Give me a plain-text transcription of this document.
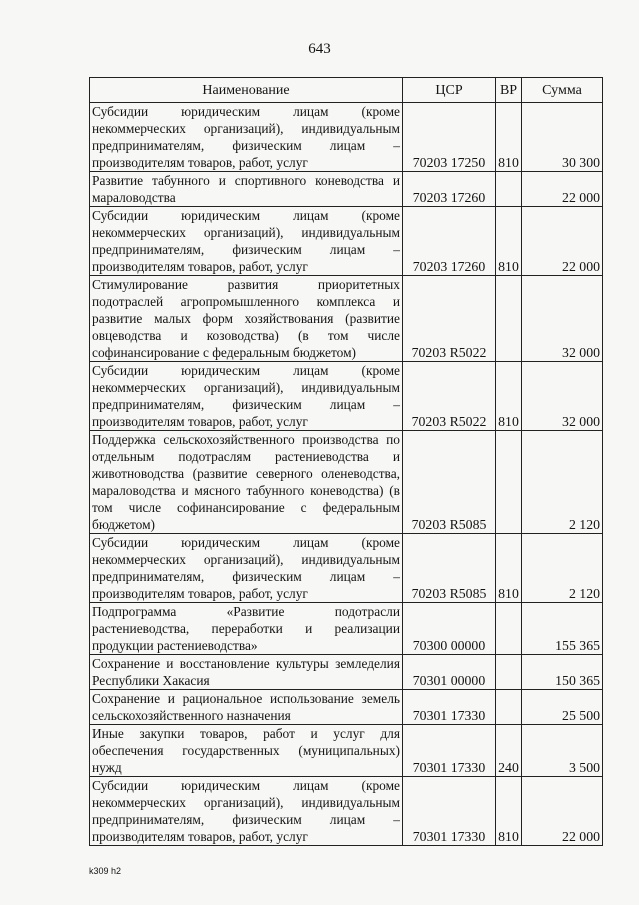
643
Наименование	ЦСР	ВР	Сумма
Субсидии юридическим лицам (кроме некоммерческих организаций), индивидуальным предпринимателям, физическим лицам – производителям товаров, работ, услуг	70203 17250	810	30 300
Развитие табунного и спортивного коневодства и мараловодства	70203 17260		22 000
Субсидии юридическим лицам (кроме некоммерческих организаций), индивидуальным предпринимателям, физическим лицам – производителям товаров, работ, услуг	70203 17260	810	22 000
Стимулирование развития приоритетных подотраслей агропромышленного комплекса и развитие малых форм хозяйствования (развитие овцеводства и козоводства) (в том числе софинансирование с федеральным бюджетом)	70203 R5022		32 000
Субсидии юридическим лицам (кроме некоммерческих организаций), индивидуальным предпринимателям, физическим лицам – производителям товаров, работ, услуг	70203 R5022	810	32 000
Поддержка сельскохозяйственного производства по отдельным подотраслям растениеводства и животноводства (развитие северного оленеводства, мараловодства и мясного табунного коневодства) (в том числе софинансирование с федеральным бюджетом)	70203 R5085		2 120
Субсидии юридическим лицам (кроме некоммерческих организаций), индивидуальным предпринимателям, физическим лицам – производителям товаров, работ, услуг	70203 R5085	810	2 120
Подпрограмма «Развитие подотрасли растениеводства, переработки и реализации продукции растениеводства»	70300 00000		155 365
Сохранение и восстановление культуры земледелия Республики Хакасия	70301 00000		150 365
Сохранение и рациональное использование земель сельскохозяйственного назначения	70301 17330		25 500
Иные закупки товаров, работ и услуг для обеспечения государственных (муниципальных) нужд	70301 17330	240	3 500
Субсидии юридическим лицам (кроме некоммерческих организаций), индивидуальным предпринимателям, физическим лицам – производителям товаров, работ, услуг	70301 17330	810	22 000
k309 h2
